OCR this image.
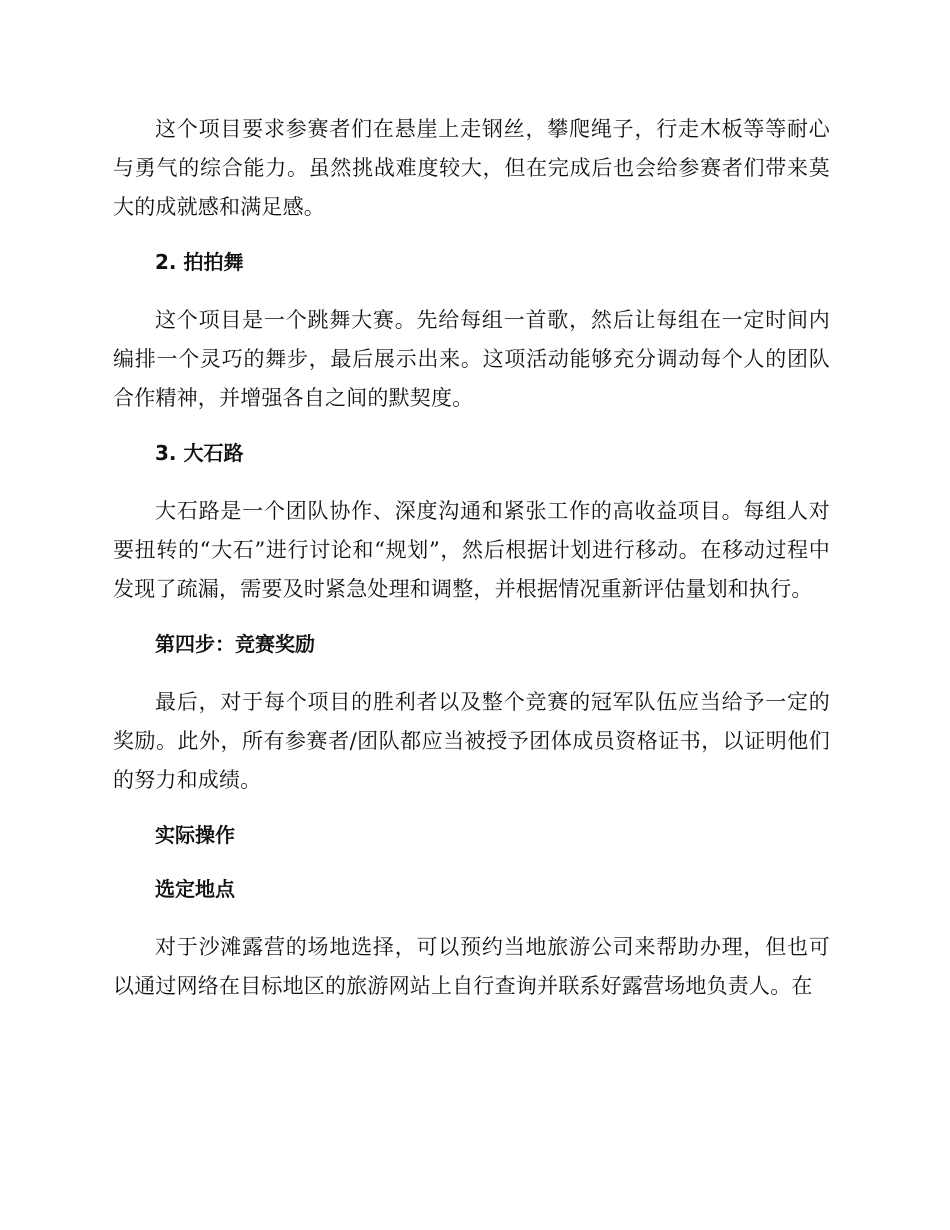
这个项目要求参赛者们在悬崖上走钢丝，攀爬绳子，行走木板等等耐心与勇气的综合能力。虽然挑战难度较大，但在完成后也会给参赛者们带来莫大的成就感和满足感。

2. 拍拍舞

这个项目是一个跳舞大赛。先给每组一首歌，然后让每组在一定时间内编排一个灵巧的舞步，最后展示出来。这项活动能够充分调动每个人的团队合作精神，并增强各自之间的默契度。

3. 大石路

大石路是一个团队协作、深度沟通和紧张工作的高收益项目。每组人对要扭转的“大石”进行讨论和“规划”，然后根据计划进行移动。在移动过程中发现了疏漏，需要及时紧急处理和调整，并根据情况重新评估量划和执行。

第四步：竞赛奖励

最后，对于每个项目的胜利者以及整个竞赛的冠军队伍应当给予一定的奖励。此外，所有参赛者/团队都应当被授予团体成员资格证书，以证明他们的努力和成绩。

实际操作
选定地点

对于沙滩露营的场地选择，可以预约当地旅游公司来帮助办理，但也可以通过网络在目标地区的旅游网站上自行查询并联系好露营场地负责人。在
